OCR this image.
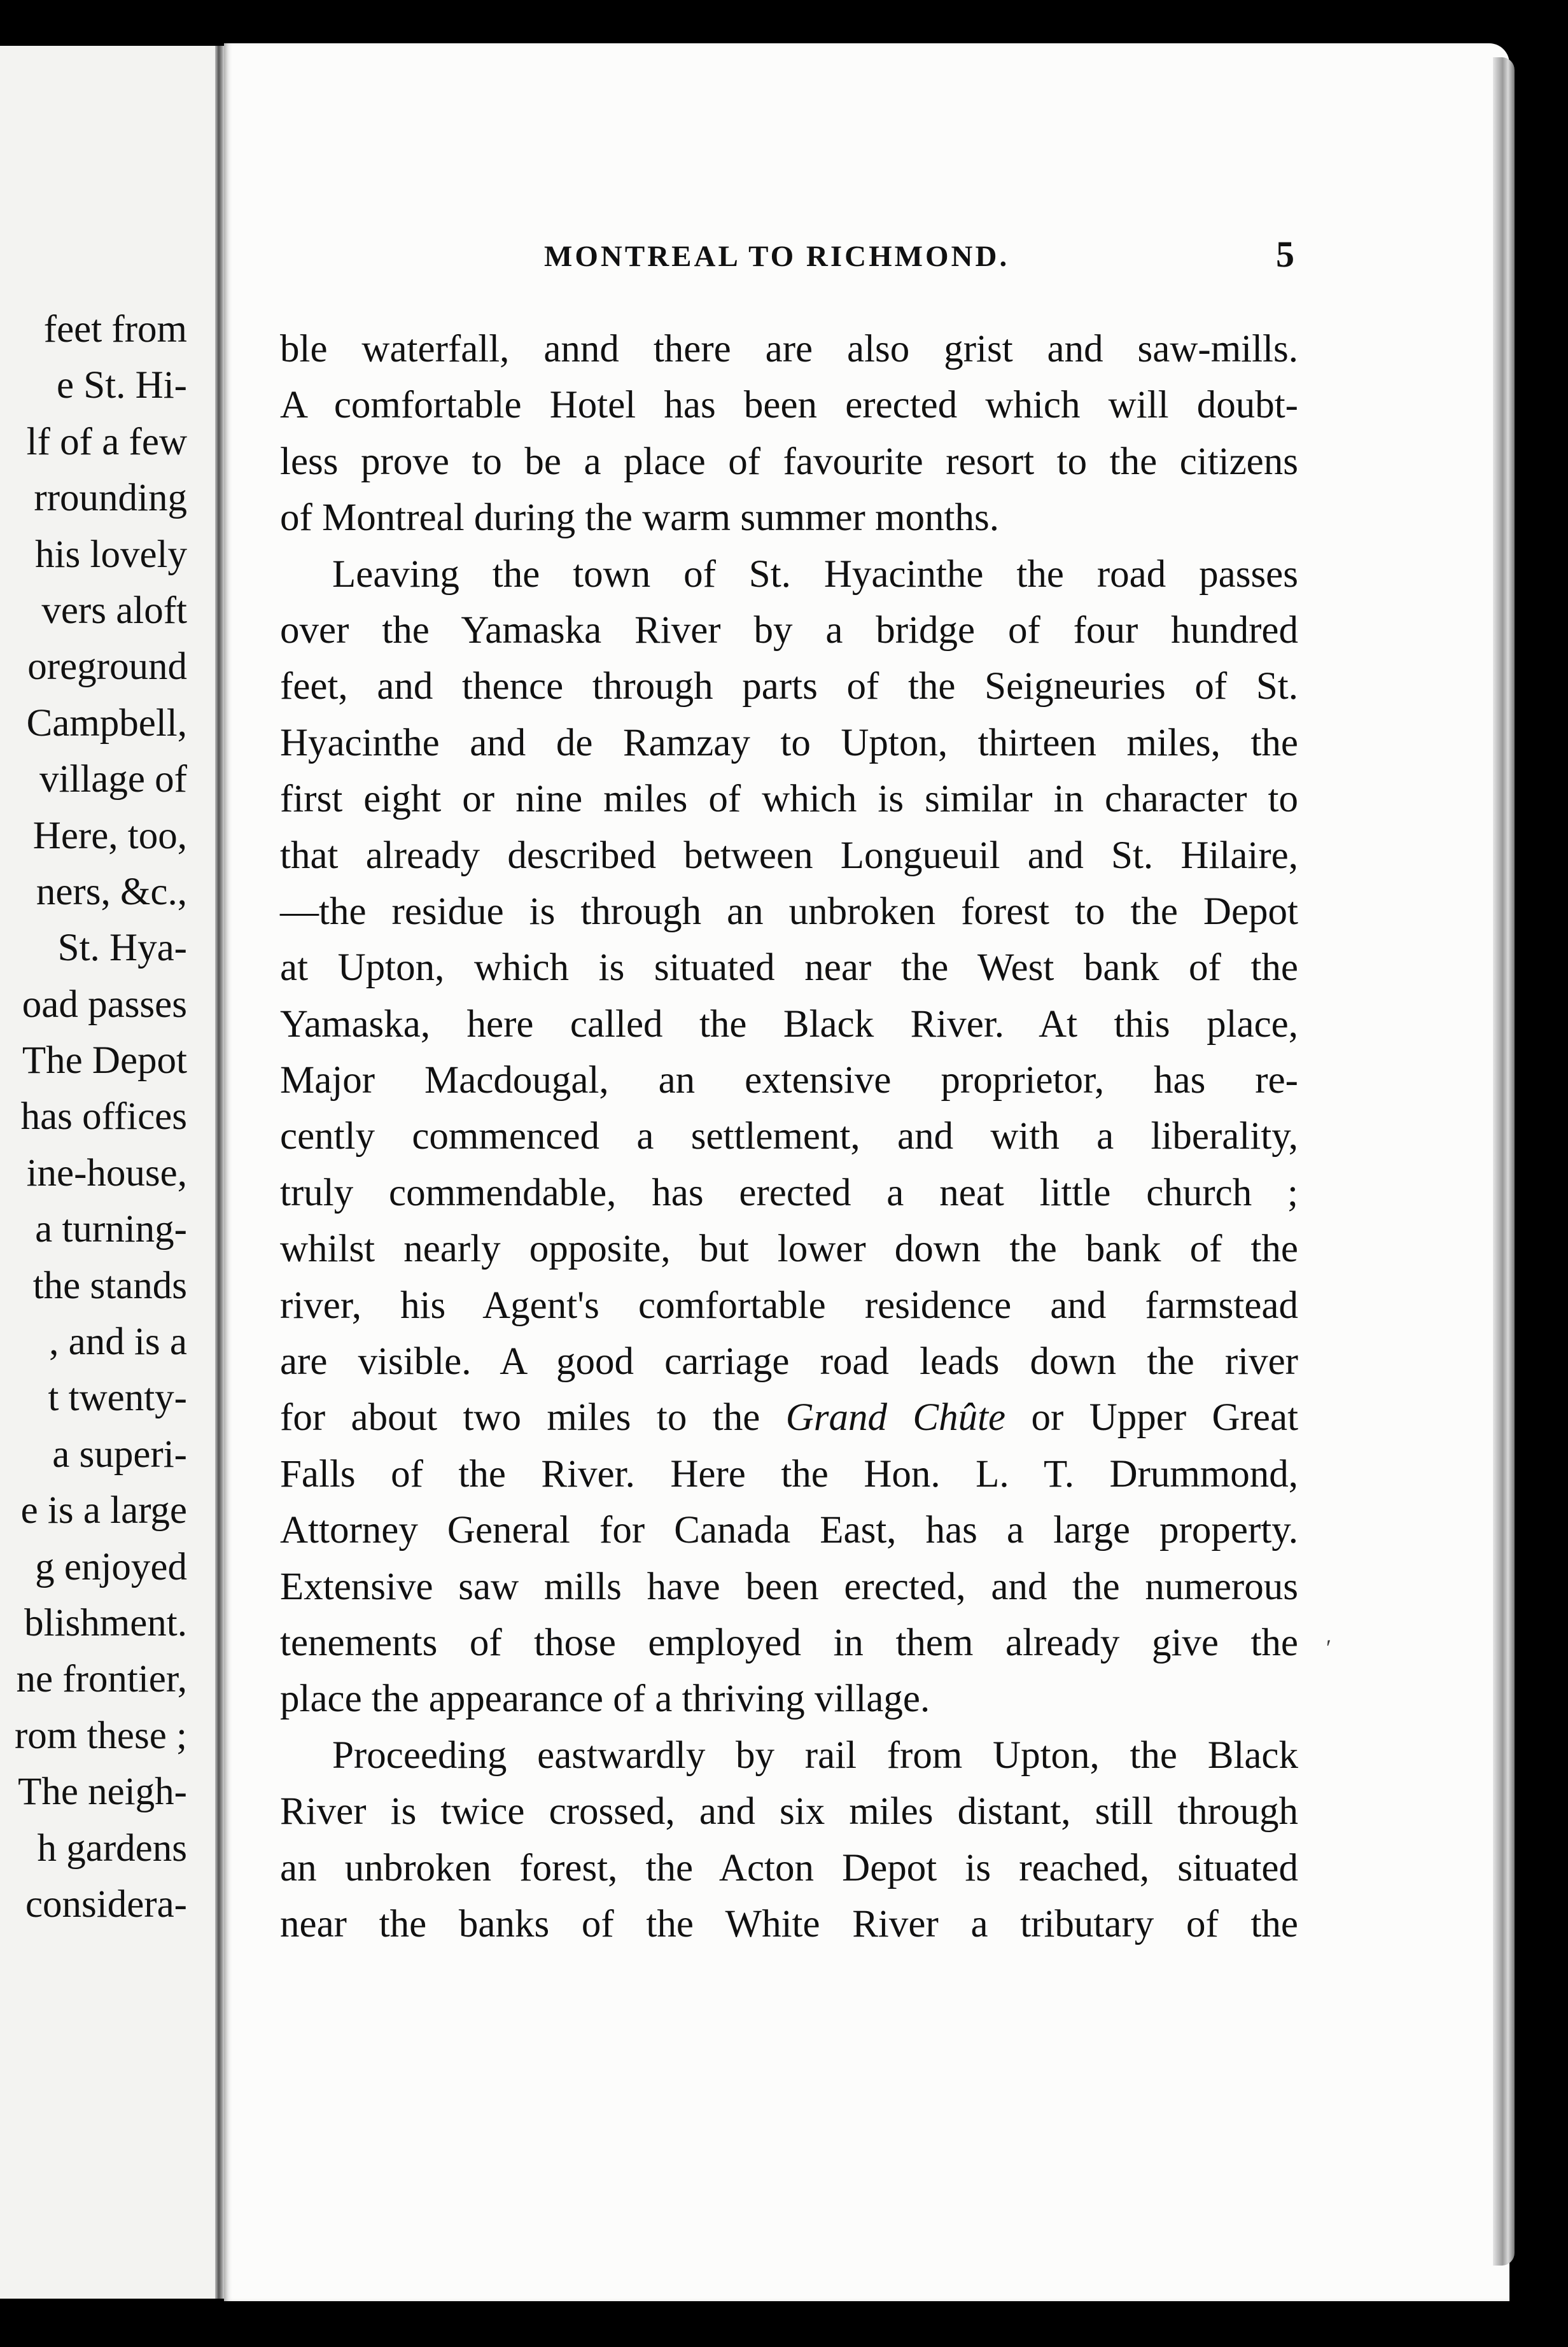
feet from
e St. Hi-
lf of a few
rrounding
his lovely
vers aloft
oreground
Campbell,
village of
Here, too,
ners, &c.,
St. Hya-
oad passes
The Depot
has offices
ine-house,
a turning-
the stands
, and is a
t twenty-
a superi-
e is a large
g enjoyed
blishment.
ne frontier,
rom these ;
The neigh-
h gardens
considera-
MONTREAL TO RICHMOND.	5
ble waterfall, annd there are also grist and saw-mills.
A comfortable Hotel has been erected which will doubt-
less prove to be a place of favourite resort to the citizens
of Montreal during the warm summer months.
Leaving the town of St. Hyacinthe the road passes
over the Yamaska River by a bridge of four hundred
feet, and thence through parts of the Seigneuries of St.
Hyacinthe and de Ramzay to Upton, thirteen miles, the
first eight or nine miles of which is similar in character to
that already described between Longueuil and St. Hilaire,
—the residue is through an unbroken forest to the Depot
at Upton, which is situated near the West bank of the
Yamaska, here called the Black River. At this place,
Major Macdougal, an extensive proprietor, has re-
cently commenced a settlement, and with a liberality,
truly commendable, has erected a neat little church ;
whilst nearly opposite, but lower down the bank of the
river, his Agent's comfortable residence and farmstead
are visible. A good carriage road leads down the river
for about two miles to the Grand Chûte or Upper Great
Falls of the River. Here the Hon. L. T. Drummond,
Attorney General for Canada East, has a large property.
Extensive saw mills have been erected, and the numerous
tenements of those employed in them already give the
place the appearance of a thriving village.
Proceeding eastwardly by rail from Upton, the Black
River is twice crossed, and six miles distant, still through
an unbroken forest, the Acton Depot is reached, situated
near the banks of the White River a tributary of the
ʹ
